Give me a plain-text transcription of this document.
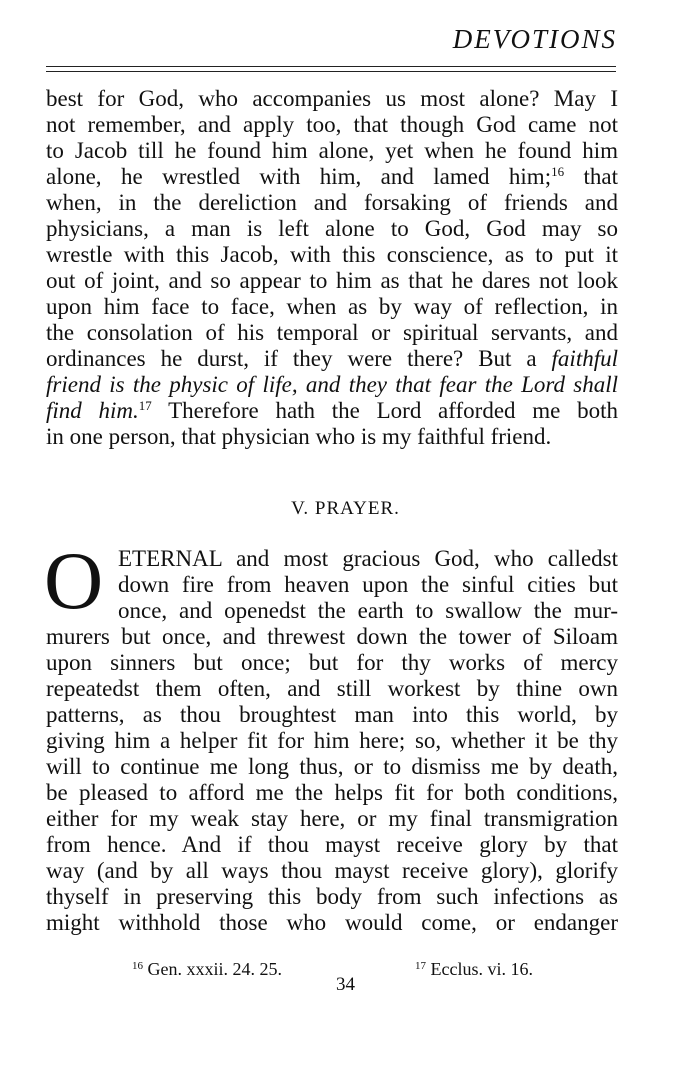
DEVOTIONS
best for God, who accompanies us most alone? May I
not remember, and apply too, that though God came not
to Jacob till he found him alone, yet when he found him
alone, he wrestled with him, and lamed him;$^{16}$ that
when, in the dereliction and forsaking of friends and
physicians, a man is left alone to God, God may so
wrestle with this Jacob, with this conscience, as to put it
out of joint, and so appear to him as that he dares not look
upon him face to face, when as by way of reflection, in
the consolation of his temporal or spiritual servants, and
ordinances he durst, if they were there? But a faithful
friend is the physic of life, and they that fear the Lord shall
find him.$^{17}$ Therefore hath the Lord afforded me both
in one person, that physician who is my faithful friend.
V. PRAYER.
O ETERNAL and most gracious God, who calledst
down fire from heaven upon the sinful cities but
once, and openedst the earth to swallow the mur-
murers but once, and threwest down the tower of Siloam
upon sinners but once; but for thy works of mercy
repeatedst them often, and still workest by thine own
patterns, as thou broughtest man into this world, by
giving him a helper fit for him here; so, whether it be thy
will to continue me long thus, or to dismiss me by death,
be pleased to afford me the helps fit for both conditions,
either for my weak stay here, or my final transmigration
from hence. And if thou mayst receive glory by that
way (and by all ways thou mayst receive glory), glorify
thyself in preserving this body from such infections as
might withhold those who would come, or endanger
$^{16}$ Gen. xxxii. 24. 25.	$^{17}$ Ecclus. vi. 16.
34
